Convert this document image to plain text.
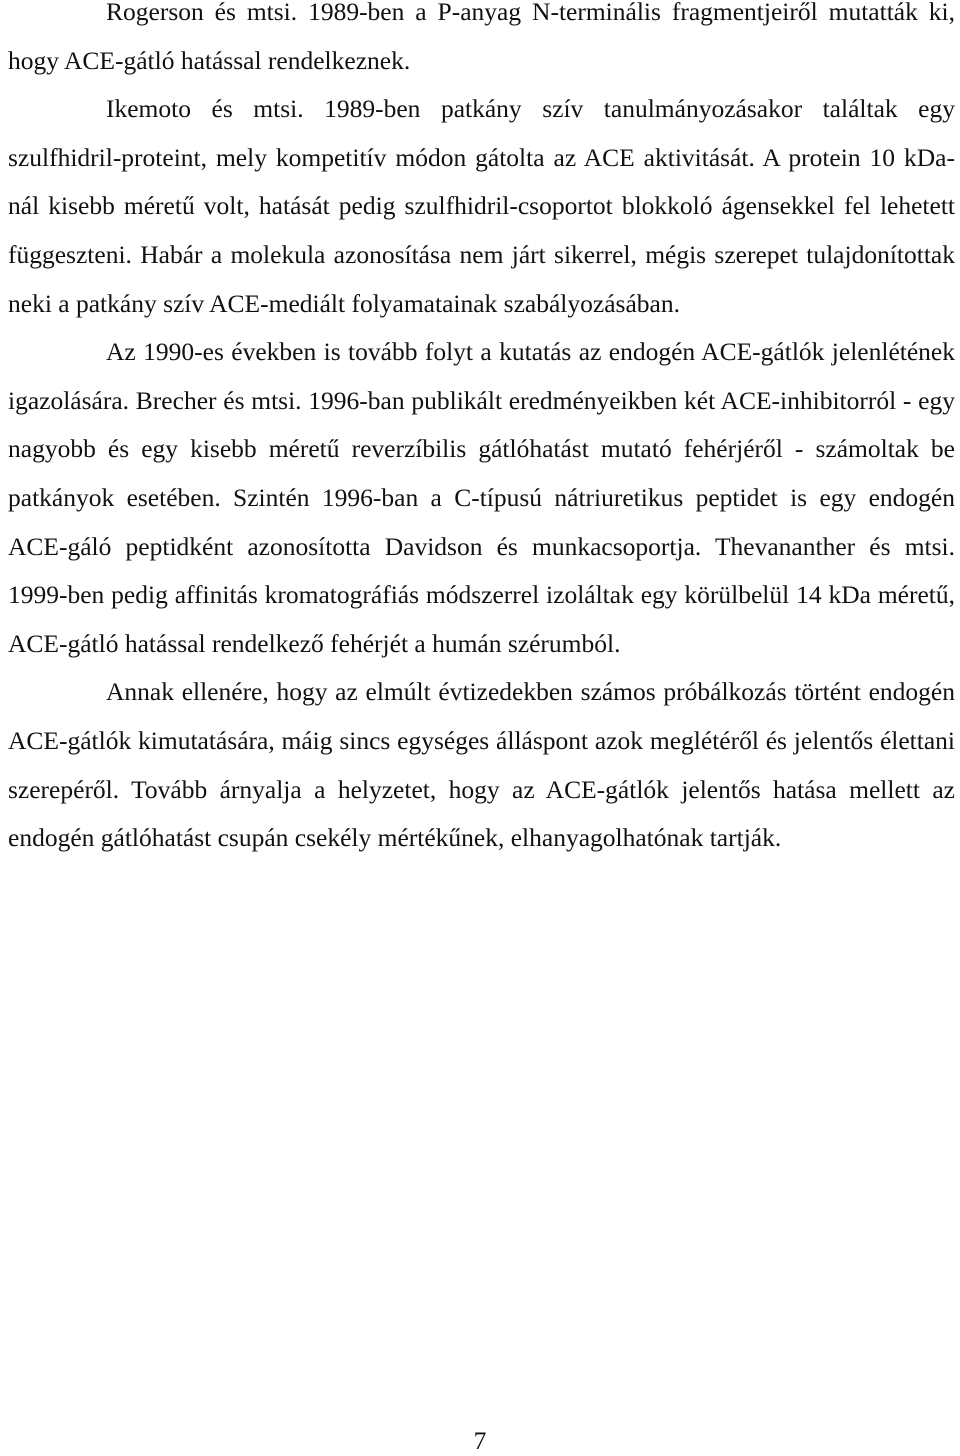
Rogerson és mtsi. 1989-ben a P-anyag N-terminális fragmentjeiről mutatták ki, hogy ACE-gátló hatással rendelkeznek.

Ikemoto és mtsi. 1989-ben patkány szív tanulmányozásakor találtak egy szulfhidril-proteint, mely kompetitív módon gátolta az ACE aktivitását. A protein 10 kDa-nál kisebb méretű volt, hatását pedig szulfhidril-csoportot blokkoló ágensekkel fel lehetett függeszteni. Habár a molekula azonosítása nem járt sikerrel, mégis szerepet tulajdonítottak neki a patkány szív ACE-mediált folyamatainak szabályozásában.

Az 1990-es években is tovább folyt a kutatás az endogén ACE-gátlók jelenlétének igazolására. Brecher és mtsi. 1996-ban publikált eredményeikben két ACE-inhibitorról - egy nagyobb és egy kisebb méretű reverzíbilis gátlóhatást mutató fehérjéről - számoltak be patkányok esetében. Szintén 1996-ban a C-típusú nátriuretikus peptidet is egy endogén ACE-gáló peptidként azonosította Davidson és munkacsoportja. Thevananther és mtsi. 1999-ben pedig affinitás kromatográfiás módszerrel izoláltak egy körülbelül 14 kDa méretű, ACE-gátló hatással rendelkező fehérjét a humán szérumból.

Annak ellenére, hogy az elmúlt évtizedekben számos próbálkozás történt endogén ACE-gátlók kimutatására, máig sincs egységes álláspont azok meglétéről és jelentős élettani szerepéről. Tovább árnyalja a helyzetet, hogy az ACE-gátlók jelentős hatása mellett az endogén gátlóhatást csupán csekély mértékűnek, elhanyagolhatónak tartják.

7
